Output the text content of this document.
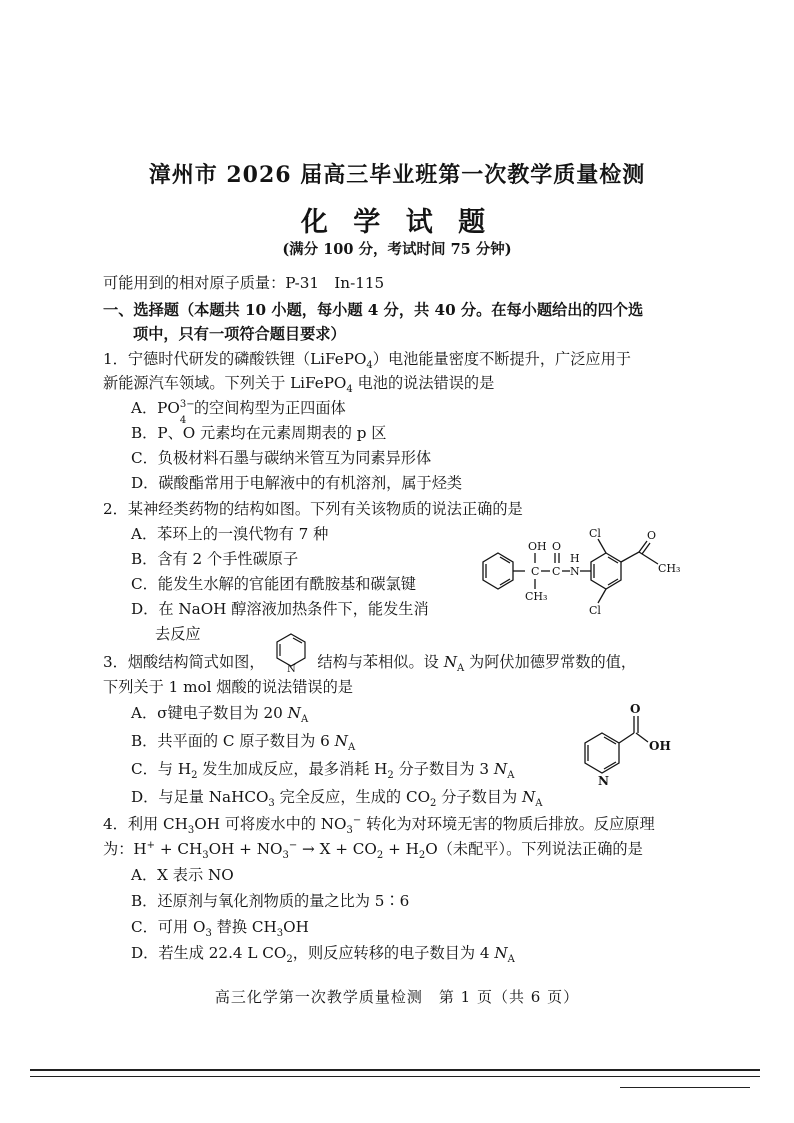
漳州市 2026 届高三毕业班第一次教学质量检测
化 学 试 题
(满分 100 分，考试时间 75 分钟)
可能用到的相对原子质量：P-31　In-115
一、选择题（本题共 10 小题，每小题 4 分，共 40 分。在每小题给出的四个选
项中，只有一项符合题目要求）
1．宁德时代研发的磷酸铁锂（LiFePO$_4$）电池能量密度不断提升，广泛应用于
新能源汽车领域。下列关于 LiFePO$_4$ 电池的说法错误的是
A．PO 3−
4
的空间构型为正四面体
B．P、O 元素均在元素周期表的 p 区
C．负极材料石墨与碳纳米管互为同素异形体
D．碳酸酯常用于电解液中的有机溶剂，属于烃类
2．某神经类药物的结构如图。下列有关该物质的说法正确的是
A．苯环上的一溴代物有 7 种
B．含有 2 个手性碳原子
C．能发生水解的官能团有酰胺基和碳氯键
D．在 NaOH 醇溶液加热条件下，能发生消
去反应
OH
C
CH₃
O
C
H
N
Cl
Cl
O
CH₃
3．烟酸结构简式如图，	结构与苯相似。设 $N_A$ 为阿伏加德罗常数的值，
N
下列关于 1 mol 烟酸的说法错误的是
A．σ键电子数目为 20 $N_A$
B．共平面的 C 原子数目为 6 $N_A$
C．与 $H_2$ 发生加成反应，最多消耗 $H_2$ 分子数目为 3 $N_A$
D．与足量 NaHCO$_3$ 完全反应，生成的 $CO_2$ 分子数目为 $N_A$
O
OH
N
4．利用 $CH_3OH$ 可将废水中的 $NO_3^-$ 转化为对环境无害的物质后排放。反应原理
为：$H^+ + CH_3OH + NO_3^- \to X + CO_2 + H_2O$（未配平）。下列说法正确的是
A．X 表示 NO
B．还原剂与氧化剂物质的量之比为 5∶6
C．可用 $O_3$ 替换 $CH_3OH$
D．若生成 22.4 L $CO_2$，则反应转移的电子数目为 4 $N_A$
高三化学第一次教学质量检测　第 1 页（共 6 页）
